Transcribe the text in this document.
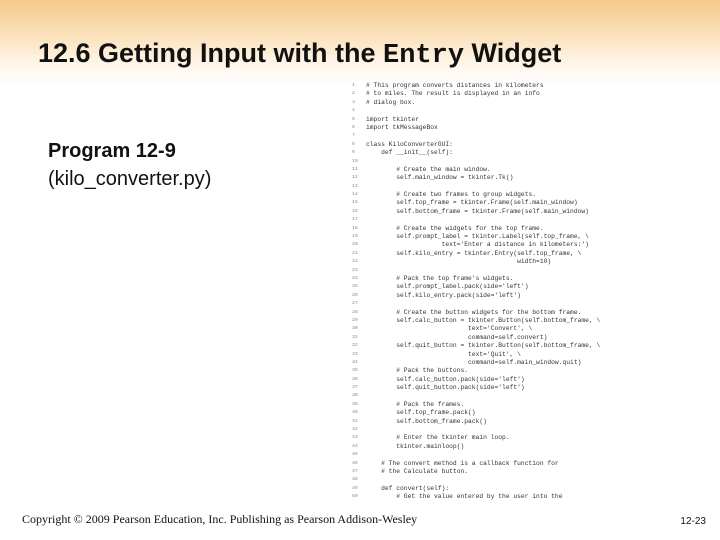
12.6 Getting Input with the Entry Widget
Program 12-9
(kilo_converter.py)
1	# This program converts distances in kilometers
2	# to miles. The result is displayed in an info
3	# dialog box.
4
5	import tkinter
6	import tkMessageBox
7
8	class KiloConverterGUI:
9	def __init__(self):
10
11	# Create the main window.
12	self.main_window = tkinter.Tk()
13
14	# Create two frames to group widgets.
15	self.top_frame = tkinter.Frame(self.main_window)
16	self.bottom_frame = tkinter.Frame(self.main_window)
17
18	# Create the widgets for the top frame.
19	self.prompt_label = tkinter.Label(self.top_frame, \
20	text='Enter a distance in kilometers:')
21	self.kilo_entry = tkinter.Entry(self.top_frame, \
22	width=10)
23
24	# Pack the top frame's widgets.
25	self.prompt_label.pack(side='left')
26	self.kilo_entry.pack(side='left')
27
28	# Create the button widgets for the bottom frame.
29	self.calc_button = tkinter.Button(self.bottom_frame, \
30	text='Convert', \
31	command=self.convert)
32	self.quit_button = tkinter.Button(self.bottom_frame, \
33	text='Quit', \
34	command=self.main_window.quit)
35	# Pack the buttons.
36	self.calc_button.pack(side='left')
37	self.quit_button.pack(side='left')
38
39	# Pack the frames.
40	self.top_frame.pack()
41	self.bottom_frame.pack()
42
43	# Enter the tkinter main loop.
44	tkinter.mainloop()
45
46	# The convert method is a callback function for
47	# the Calculate button.
48
49	def convert(self):
50	# Get the value entered by the user into the
Copyright © 2009 Pearson Education, Inc. Publishing as Pearson Addison-Wesley	12-23
